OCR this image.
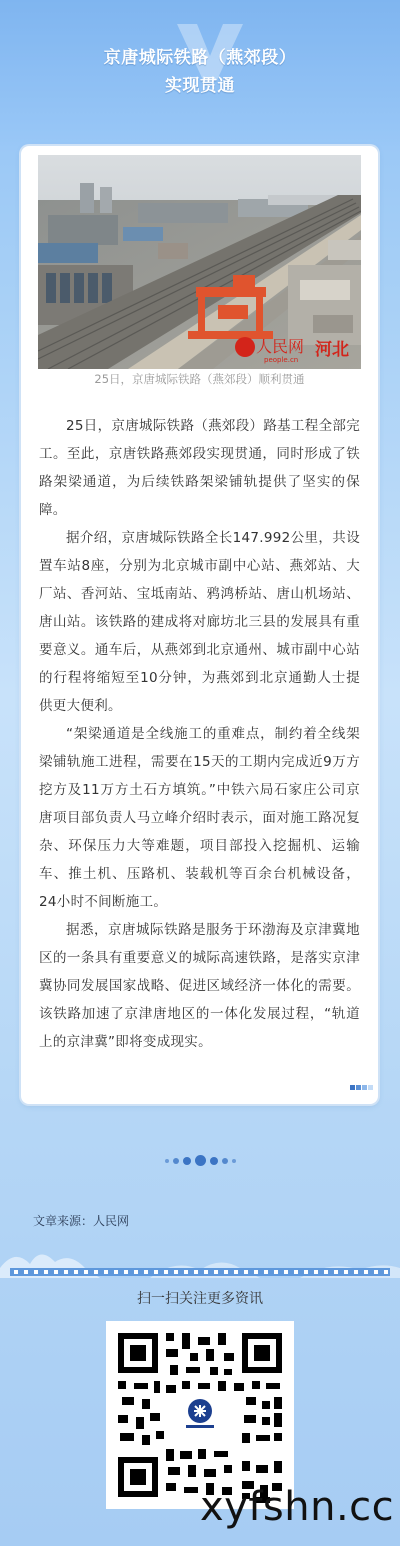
京唐城际铁路（燕郊段）
实现贯通
人民网
people.cn 河北
25日，京唐城际铁路（燕郊段）顺利贯通

25日，京唐城际铁路（燕郊段）路基工程全部完工。至此，京唐铁路燕郊段实现贯通，同时形成了铁路架梁通道，为后续铁路架梁铺轨提供了坚实的保障。

据介绍，京唐城际铁路全长147.992公里，共设置车站8座，分别为北京城市副中心站、燕郊站、大厂站、香河站、宝坻南站、鸦鸿桥站、唐山机场站、唐山站。该铁路的建成将对廊坊北三县的发展具有重要意义。通车后，从燕郊到北京通州、城市副中心站的行程将缩短至10分钟，为燕郊到北京通勤人士提供更大便利。

“架梁通道是全线施工的重难点，制约着全线架梁铺轨施工进程，需要在15天的工期内完成近9万方挖方及11万方土石方填筑。”中铁六局石家庄公司京唐项目部负责人马立峰介绍时表示，面对施工路况复杂、环保压力大等难题，项目部投入挖掘机、运输车、推土机、压路机、装载机等百余台机械设备，24小时不间断施工。

据悉，京唐城际铁路是服务于环渤海及京津冀地区的一条具有重要意义的城际高速铁路，是落实京津冀协同发展国家战略、促进区域经济一体化的需要。该铁路加速了京津唐地区的一体化发展过程，“轨道上的京津冀”即将变成现实。

文章来源：人民网
扫一扫关注更多资讯
xyfshn.cc
